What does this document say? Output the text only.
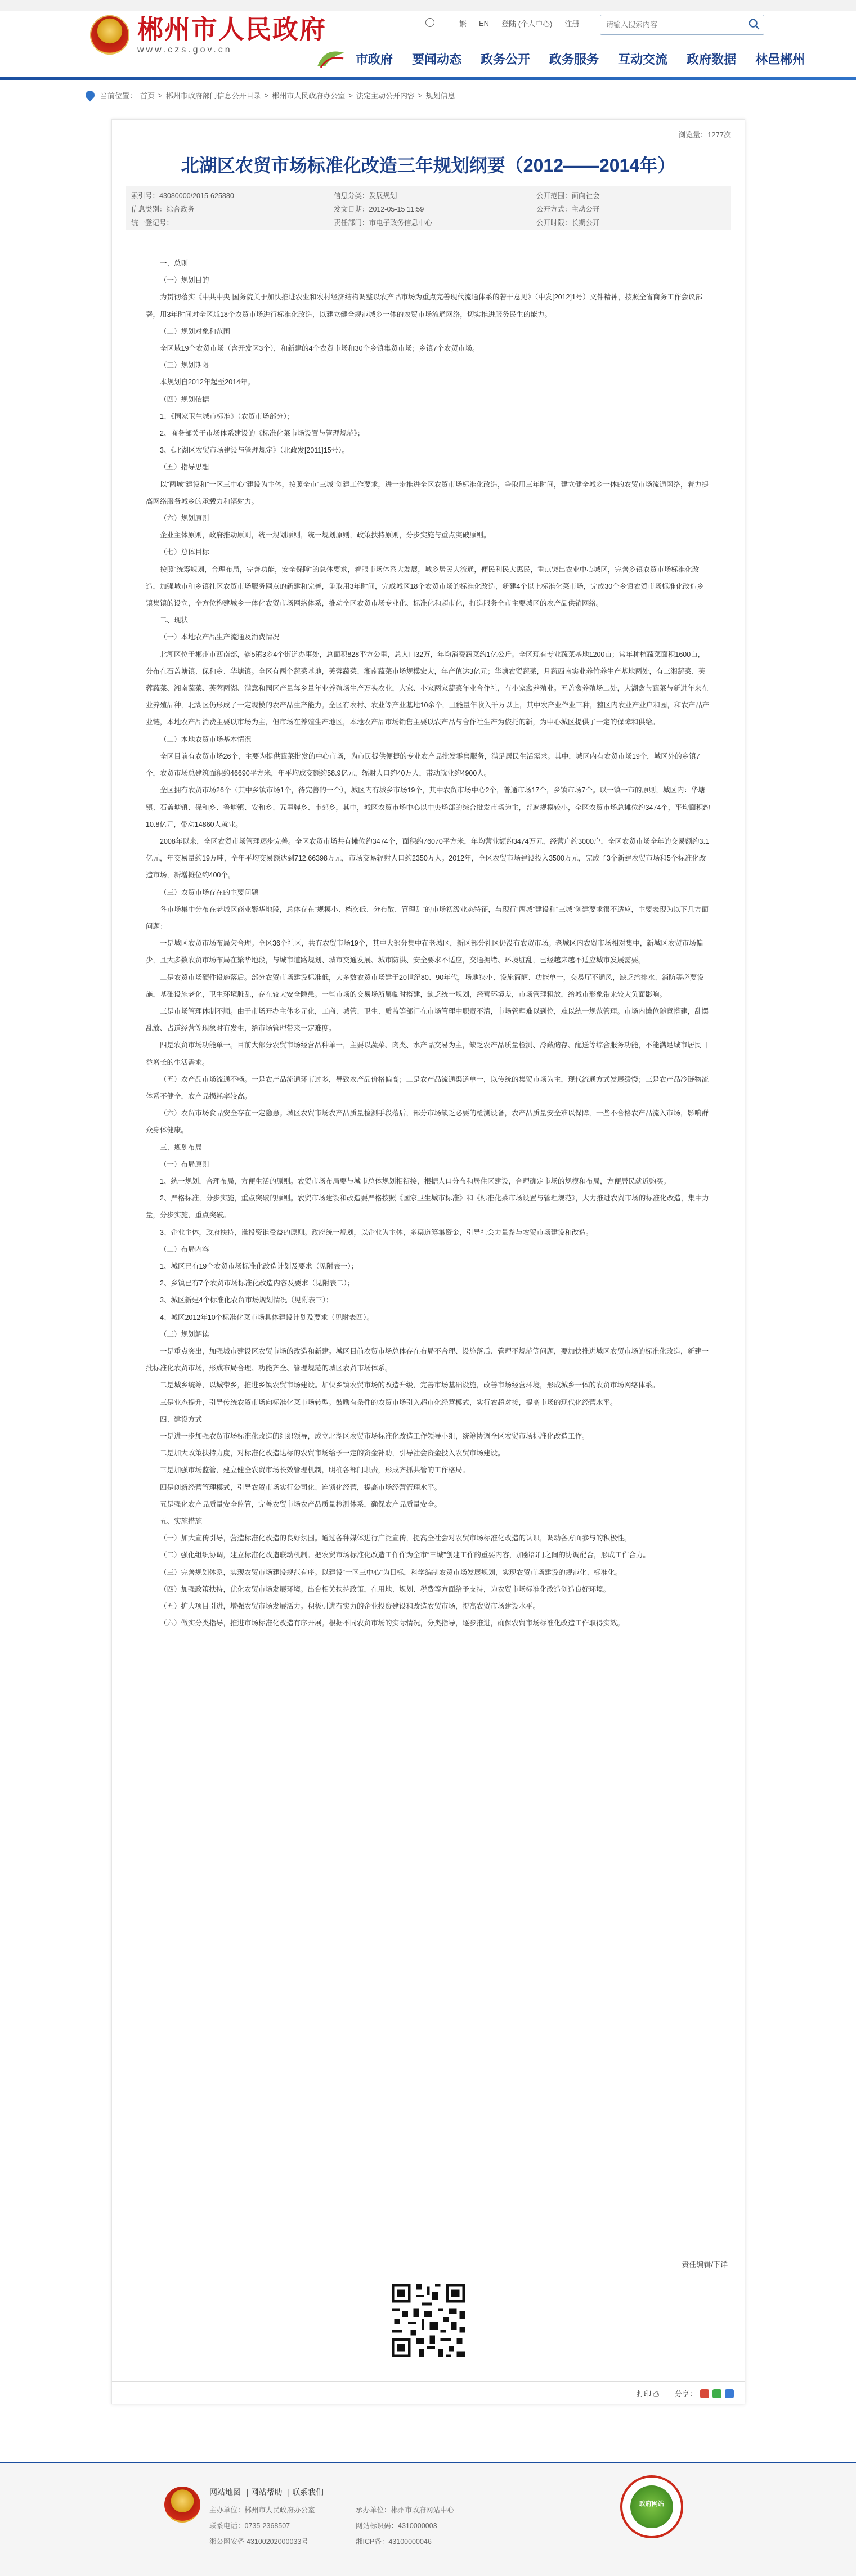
郴州市人民政府
www.czs.gov.cn
繁 EN 登陆 (个人中心) 注册
请输入搜索内容
市政府 要闻动态 政务公开 政务服务 互动交流 政府数据 林邑郴州
当前位置： 首页 > 郴州市政府部门信息公开目录 > 郴州市人民政府办公室 > 法定主动公开内容 > 规划信息
浏览量：1277次
北湖区农贸市场标准化改造三年规划纲要（2012——2014年）
索引号：43080000/2015-625880	信息分类：发展规划	公开范围：面向社会
信息类别：综合政务	发文日期：2012-05-15 11:59	公开方式：主动公开
统一登记号：	责任部门：市电子政务信息中心	公开时限：长期公开

一、总则

（一）规划目的

为贯彻落实《中共中央 国务院关于加快推进农业和农村经济结构调整以农产品市场为重点完善现代流通体系的若干意见》（中发[2012]1号）文件精神，按照全省商务工作会议部署，用3年时间对全区域18个农贸市场进行标准化改造，以建立健全规范城乡一体的农贸市场流通网络，切实推进服务民生的能力。

（二）规划对象和范围

全区域19个农贸市场（含开发区3个），和新建的4个农贸市场和30个乡镇集贸市场；乡镇7个农贸市场。

（三）规划期限

本规划自2012年起至2014年。

（四）规划依据

1、《国家卫生城市标准》（农贸市场部分）；

2、商务部关于市场体系建设的《标准化菜市场设置与管理规范》；

3、《北湖区农贸市场建设与管理规定》（北政发[2011]15号）。

（五）指导思想

以“两城”建设和“一区三中心”建设为主体，按照全市“三城”创建工作要求，进一步推进全区农贸市场标准化改造，争取用三年时间，建立健全城乡一体的农贸市场流通网络，着力提高网络服务城乡的承载力和辐射力。

（六）规划原则

企业主体原则，政府推动原则，统一规划原则，统一规划原则，政策扶持原则，分步实施与重点突破原则。

（七）总体目标

按照“统筹规划，合理布局，完善功能，安全保障”的总体要求，着眼市场体系大发展，城乡居民大流通，便民利民大惠民，重点突出农业中心城区，完善乡镇农贸市场标准化改造，加强城市和乡镇社区农贸市场服务网点的新建和完善，争取用3年时间，完成城区18个农贸市场的标准化改造，新建4个以上标准化菜市场，完成30个乡镇农贸市场标准化改造乡镇集镇的设立，全方位构建城乡一体化农贸市场网络体系，推动全区农贸市场专业化、标准化和超市化，打造服务全市主要城区的农产品供销网络。

二、现状

（一）本地农产品生产流通及消费情况

北湖区位于郴州市西南部，辖5镇3乡4个街道办事处，总面积828平方公里，总人口32万，年均消费蔬菜约1亿公斤。全区现有专业蔬菜基地1200亩；常年种植蔬菜面积1600亩，分布在石盖塘镇、保和乡、华塘镇。全区有两个蔬菜基地，芙蓉蔬菜、湘南蔬菜市场规模宏大，年产值达3亿元；华塘农贸蔬菜，月蔬西南实业养竹养生产基地两处，有三湘蔬菜、芙蓉蔬菜、湘南蔬菜、芙蓉两湖、满意和园区产量每乡量年业养殖场生产万头农业，大家、小家两家蔬菜年业合作社，有小家禽养殖业。五盖禽养殖场二处，大湖禽与蔬菜与新进年来在业养殖品种，北湖区仍形成了一定规模的农产品生产能力。全区有农村、农业等产业基地10余个，且能量年收入千万以上，其中农产业作业三种，整区内农业产业户和园，和农产品产业链，本地农产品消费主要以市场为主，但市场在养殖生产地区，本地农产品市场销售主要以农产品与合作社生产为依托的新，为中心城区提供了一定的保障和供给。

（二）本地农贸市场基本情况

全区目前有农贸市场26个，主要为提供蔬菜批发的中心市场，为市民提供便捷的专业农产品批发零售服务，满足居民生活需求。其中，城区内有农贸市场19个，城区外的乡镇7个，农贸市场总建筑面积约46690平方米，年平均成交额约58.9亿元，辐射人口约40万人，带动就业约4900人。

全区拥有农贸市场26个（其中乡镇市场1个，待完善的一个），城区内有城乡市场19个，其中农贸市场中心2个，普通市场17个，乡镇市场7个。以一镇一市的原则，城区内：华塘镇、石盖塘镇、保和乡、鲁塘镇、安和乡、五里牌乡、市郊乡，其中，城区农贸市场中心以中央场部的综合批发市场为主，普遍规模较小，全区农贸市场总摊位约3474个，平均面积约10.8亿元，带动14860人就业。

2008年以来，全区农贸市场管理逐步完善。全区农贸市场共有摊位约3474个，面积约76070平方米，年均营业额约3474万元，经营户约3000户，全区农贸市场全年的交易额约3.1亿元，年交易量约19万吨，全年平均交易额达到712.66398万元，市场交易辐射人口约2350万人。2012年，全区农贸市场建设投入3500万元，完成了3个新建农贸市场和5个标准化改造市场，新增摊位约400个。

（三）农贸市场存在的主要问题

各市场集中分布在老城区商业繁华地段，总体存在“规模小、档次低、分布散、管理乱”的市场初级业态特征，与现行“两城”建设和“三城”创建要求很不适应，主要表现为以下几方面问题：

一是城区农贸市场布局欠合理。全区36个社区，共有农贸市场19个，其中大部分集中在老城区，新区部分社区仍没有农贸市场。老城区内农贸市场相对集中，新城区农贸市场偏少，且大多数农贸市场布局在繁华地段，与城市道路规划、城市交通发展、城市防洪、安全要求不适应，交通拥堵、环境脏乱，已经越来越不适应城市发展需要。

二是农贸市场硬件设施落后。部分农贸市场建设标准低，大多数农贸市场建于20世纪80、90年代，场地狭小、设施简陋、功能单一，交易厅不通风，缺乏给排水、消防等必要设施，基础设施老化，卫生环境脏乱，存在较大安全隐患。一些市场的交易场所属临时搭建，缺乏统一规划，经营环境差，市场管理粗放，给城市形象带来较大负面影响。

三是市场管理体制不顺。由于市场开办主体多元化，工商、城管、卫生、质监等部门在市场管理中职责不清，市场管理难以到位，难以统一规范管理。市场内摊位随意搭建，乱摆乱放、占道经营等现象时有发生，给市场管理带来一定难度。

四是农贸市场功能单一。目前大部分农贸市场经营品种单一，主要以蔬菜、肉类、水产品交易为主，缺乏农产品质量检测、冷藏储存、配送等综合服务功能，不能满足城市居民日益增长的生活需求。

（五）农产品市场流通不畅。一是农产品流通环节过多，导致农产品价格偏高；二是农产品流通渠道单一，以传统的集贸市场为主，现代流通方式发展缓慢；三是农产品冷链物流体系不健全，农产品损耗率较高。

（六）农贸市场食品安全存在一定隐患。城区农贸市场农产品质量检测手段落后，部分市场缺乏必要的检测设备，农产品质量安全难以保障，一些不合格农产品流入市场，影响群众身体健康。

三、规划布局

（一）布局原则

1、统一规划，合理布局，方便生活的原则。农贸市场布局要与城市总体规划相衔接，根据人口分布和居住区建设，合理确定市场的规模和布局，方便居民就近购买。

2、严格标准，分步实施，重点突破的原则。农贸市场建设和改造要严格按照《国家卫生城市标准》和《标准化菜市场设置与管理规范》，大力推进农贸市场的标准化改造，集中力量，分步实施，重点突破。

3、企业主体，政府扶持，谁投资谁受益的原则。政府统一规划，以企业为主体，多渠道筹集资金，引导社会力量参与农贸市场建设和改造。

（二）布局内容

1、城区已有19个农贸市场标准化改造计划及要求（见附表一）；

2、乡镇已有7个农贸市场标准化改造内容及要求（见附表二）；

3、城区新建4个标准化农贸市场规划情况（见附表三）；

4、城区2012年10个标准化菜市场具体建设计划及要求（见附表四）。

（三）规划解读

一是重点突出，加强城市建设区农贸市场的改造和新建。城区目前农贸市场总体存在布局不合理、设施落后、管理不规范等问题，要加快推进城区农贸市场的标准化改造，新建一批标准化农贸市场，形成布局合理、功能齐全、管理规范的城区农贸市场体系。

二是城乡统筹，以城带乡，推进乡镇农贸市场建设。加快乡镇农贸市场的改造升级，完善市场基础设施，改善市场经营环境，形成城乡一体的农贸市场网络体系。

三是业态提升，引导传统农贸市场向标准化菜市场转型。鼓励有条件的农贸市场引入超市化经营模式，实行农超对接，提高市场的现代化经营水平。

四、建设方式

一是进一步加强农贸市场标准化改造的组织领导，成立北湖区农贸市场标准化改造工作领导小组，统筹协调全区农贸市场标准化改造工作。

二是加大政策扶持力度，对标准化改造达标的农贸市场给予一定的资金补助，引导社会资金投入农贸市场建设。

三是加强市场监管，建立健全农贸市场长效管理机制，明确各部门职责，形成齐抓共管的工作格局。

四是创新经营管理模式，引导农贸市场实行公司化、连锁化经营，提高市场经营管理水平。

五是强化农产品质量安全监管，完善农贸市场农产品质量检测体系，确保农产品质量安全。

五、实施措施

（一）加大宣传引导，营造标准化改造的良好氛围。通过各种媒体进行广泛宣传，提高全社会对农贸市场标准化改造的认识，调动各方面参与的积极性。

（二）强化组织协调，建立标准化改造联动机制。把农贸市场标准化改造工作作为全市“三城”创建工作的重要内容，加强部门之间的协调配合，形成工作合力。

（三）完善规划体系，实现农贸市场建设规范有序。以建设“一区三中心”为目标，科学编制农贸市场发展规划，实现农贸市场建设的规范化、标准化。

（四）加强政策扶持，优化农贸市场发展环境。出台相关扶持政策，在用地、规划、税费等方面给予支持，为农贸市场标准化改造创造良好环境。

（五）扩大项目引进，增强农贸市场发展活力。积极引进有实力的企业投资建设和改造农贸市场，提高农贸市场建设水平。

（六）做实分类指导，推进市场标准化改造有序开展。根据不同农贸市场的实际情况，分类指导，逐步推进，确保农贸市场标准化改造工作取得实效。

责任编辑/下详
打印 ⎙ 分享：
网站地图 | 网站帮助 | 联系我们
主办单位：郴州市人民政府办公室	承办单位：郴州市政府网站中心
联系电话：0735-2368507	网站标识码：4310000003
湘公网安备 43100202000033号	湘ICP备：43100000046
政府网站
